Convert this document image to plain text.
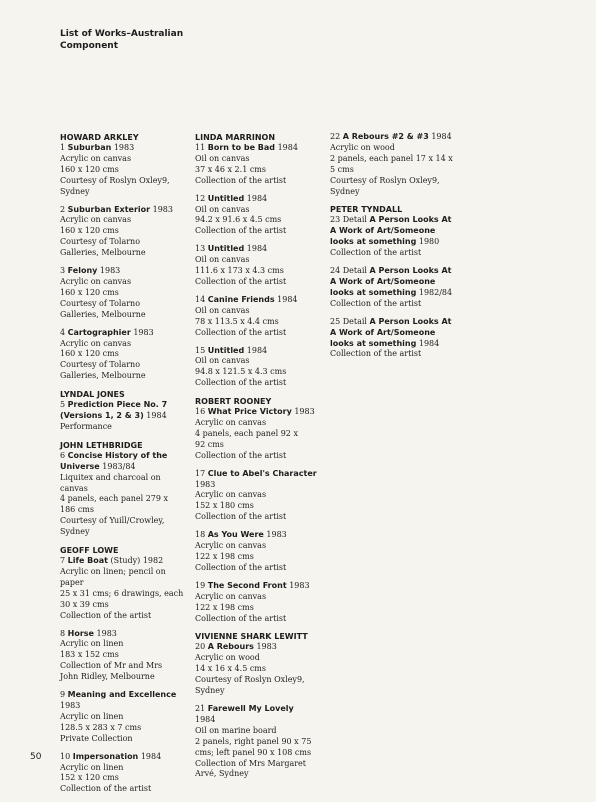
List of Works–Australian
Component
HOWARD ARKLEY
1 Suburban 1983
Acrylic on canvas
160 x 120 cms
Courtesy of Roslyn Oxley9,
Sydney
2 Suburban Exterior 1983
Acrylic on canvas
160 x 120 cms
Courtesy of Tolarno
Galleries, Melbourne
3 Felony 1983
Acrylic on canvas
160 x 120 cms
Courtesy of Tolarno
Galleries, Melbourne
4 Cartographier 1983
Acrylic on canvas
160 x 120 cms
Courtesy of Tolarno
Galleries, Melbourne
LYNDAL JONES
5 Prediction Piece No. 7 (Versions 1, 2 & 3) 1984
Performance
JOHN LETHBRIDGE
6 Concise History of the Universe 1983/84
Liquitex and charcoal on
canvas
4 panels, each panel 279 x
186 cms
Courtesy of Yuill/Crowley,
Sydney
GEOFF LOWE
7 Life Boat (Study) 1982
Acrylic on linen; pencil on
paper
25 x 31 cms; 6 drawings, each
30 x 39 cms
Collection of the artist
8 Horse 1983
Acrylic on linen
183 x 152 cms
Collection of Mr and Mrs
John Ridley, Melbourne
9 Meaning and Excellence
1983
Acrylic on linen
128.5 x 283 x 7 cms
Private Collection
10 Impersonation 1984
Acrylic on linen
152 x 120 cms
Collection of the artist
LINDA MARRINON
11 Born to be Bad 1984
Oil on canvas
37 x 46 x 2.1 cms
Collection of the artist
12 Untitled 1984
Oil on canvas
94.2 x 91.6 x 4.5 cms
Collection of the artist
13 Untitled 1984
Oil on canvas
111.6 x 173 x 4.3 cms
Collection of the artist
14 Canine Friends 1984
Oil on canvas
78 x 113.5 x 4.4 cms
Collection of the artist
15 Untitled 1984
Oil on canvas
94.8 x 121.5 x 4.3 cms
Collection of the artist
ROBERT ROONEY
16 What Price Victory 1983
Acrylic on canvas
4 panels, each panel 92 x
92 cms
Collection of the artist
17 Clue to Abel's Character
1983
Acrylic on canvas
152 x 180 cms
Collection of the artist
18 As You Were 1983
Acrylic on canvas
122 x 198 cms
Collection of the artist
19 The Second Front 1983
Acrylic on canvas
122 x 198 cms
Collection of the artist
VIVIENNE SHARK LEWITT
20 A Rebours 1983
Acrylic on wood
14 x 16 x 4.5 cms
Courtesy of Roslyn Oxley9,
Sydney
21 Farewell My Lovely
1984
Oil on marine board
2 panels, right panel 90 x 75
cms; left panel 90 x 108 cms
Collection of Mrs Margaret
Arvé, Sydney
22 A Rebours #2 & #3 1984
Acrylic on wood
2 panels, each panel 17 x 14 x
5 cms
Courtesy of Roslyn Oxley9,
Sydney
PETER TYNDALL
23 Detail A Person Looks At A Work of Art/Someone looks at something 1980
Collection of the artist
24 Detail A Person Looks At A Work of Art/Someone looks at something 1982/84
Collection of the artist
25 Detail A Person Looks At A Work of Art/Someone looks at something 1984
Collection of the artist
50
